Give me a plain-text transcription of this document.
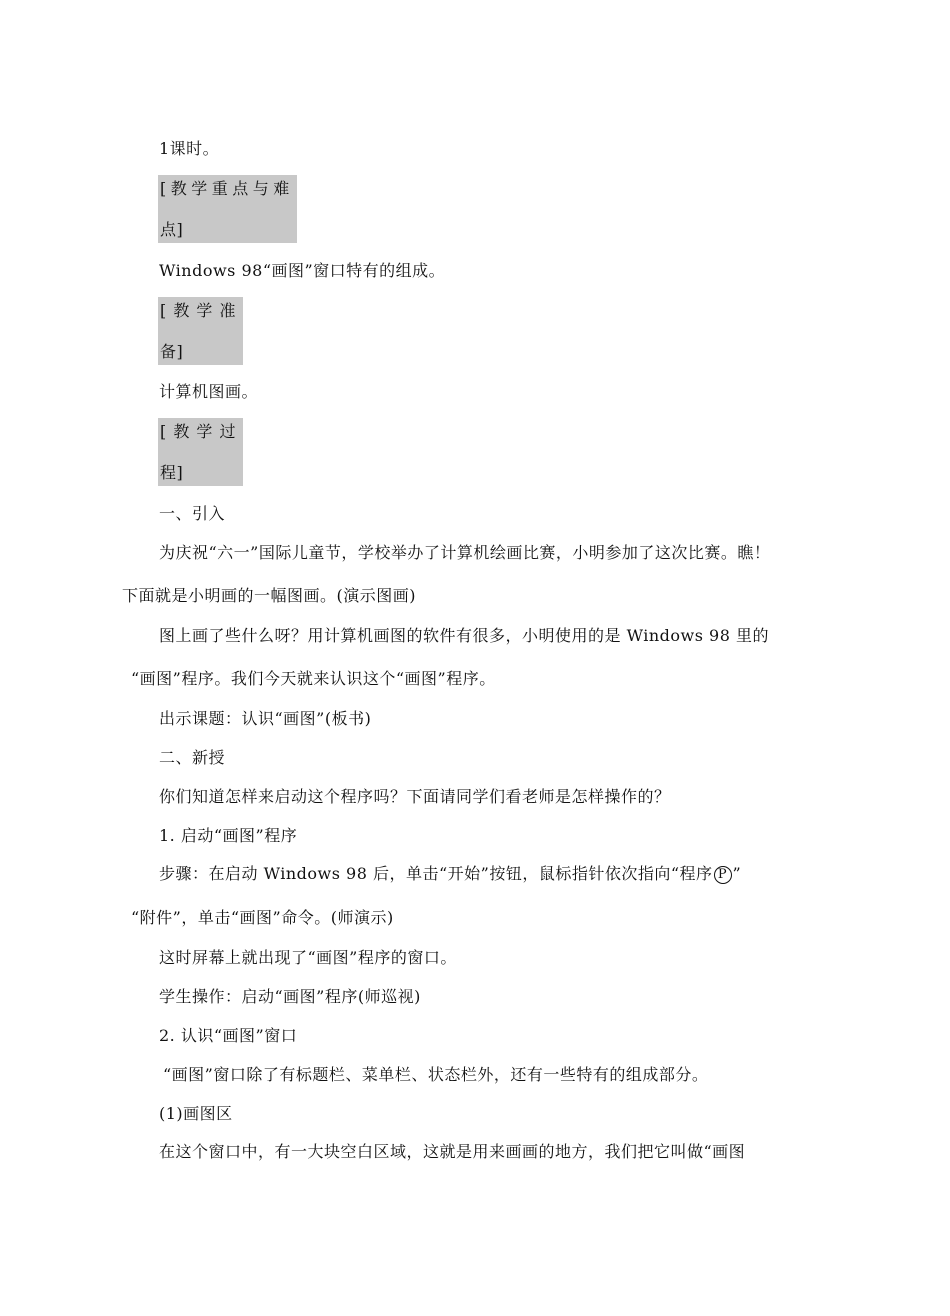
1课时。
[教学重点与难
点]
Windows 98“画图”窗口特有的组成。
[ 教 学 准
备]
计算机图画。
[ 教 学 过
程]
一、引入
为庆祝“六一”国际儿童节，学校举办了计算机绘画比赛，小明参加了这次比赛。瞧！
下面就是小明画的一幅图画。(演示图画)
图上画了些什么呀？用计算机画图的软件有很多，小明使用的是 Windows 98 里的
“画图”程序。我们今天就来认识这个“画图”程序。
出示课题：认识“画图”(板书)
二、新授
你们知道怎样来启动这个程序吗？下面请同学们看老师是怎样操作的？
1. 启动“画图”程序
步骤：在启动 Windows 98 后，单击“开始”按钮，鼠标指针依次指向“程序 P ”
“附件”，单击“画图”命令。(师演示)
这时屏幕上就出现了“画图”程序的窗口。
学生操作：启动“画图”程序(师巡视)
2. 认识“画图”窗口
“画图”窗口除了有标题栏、菜单栏、状态栏外，还有一些特有的组成部分。
(1)画图区
在这个窗口中，有一大块空白区域，这就是用来画画的地方，我们把它叫做“画图
